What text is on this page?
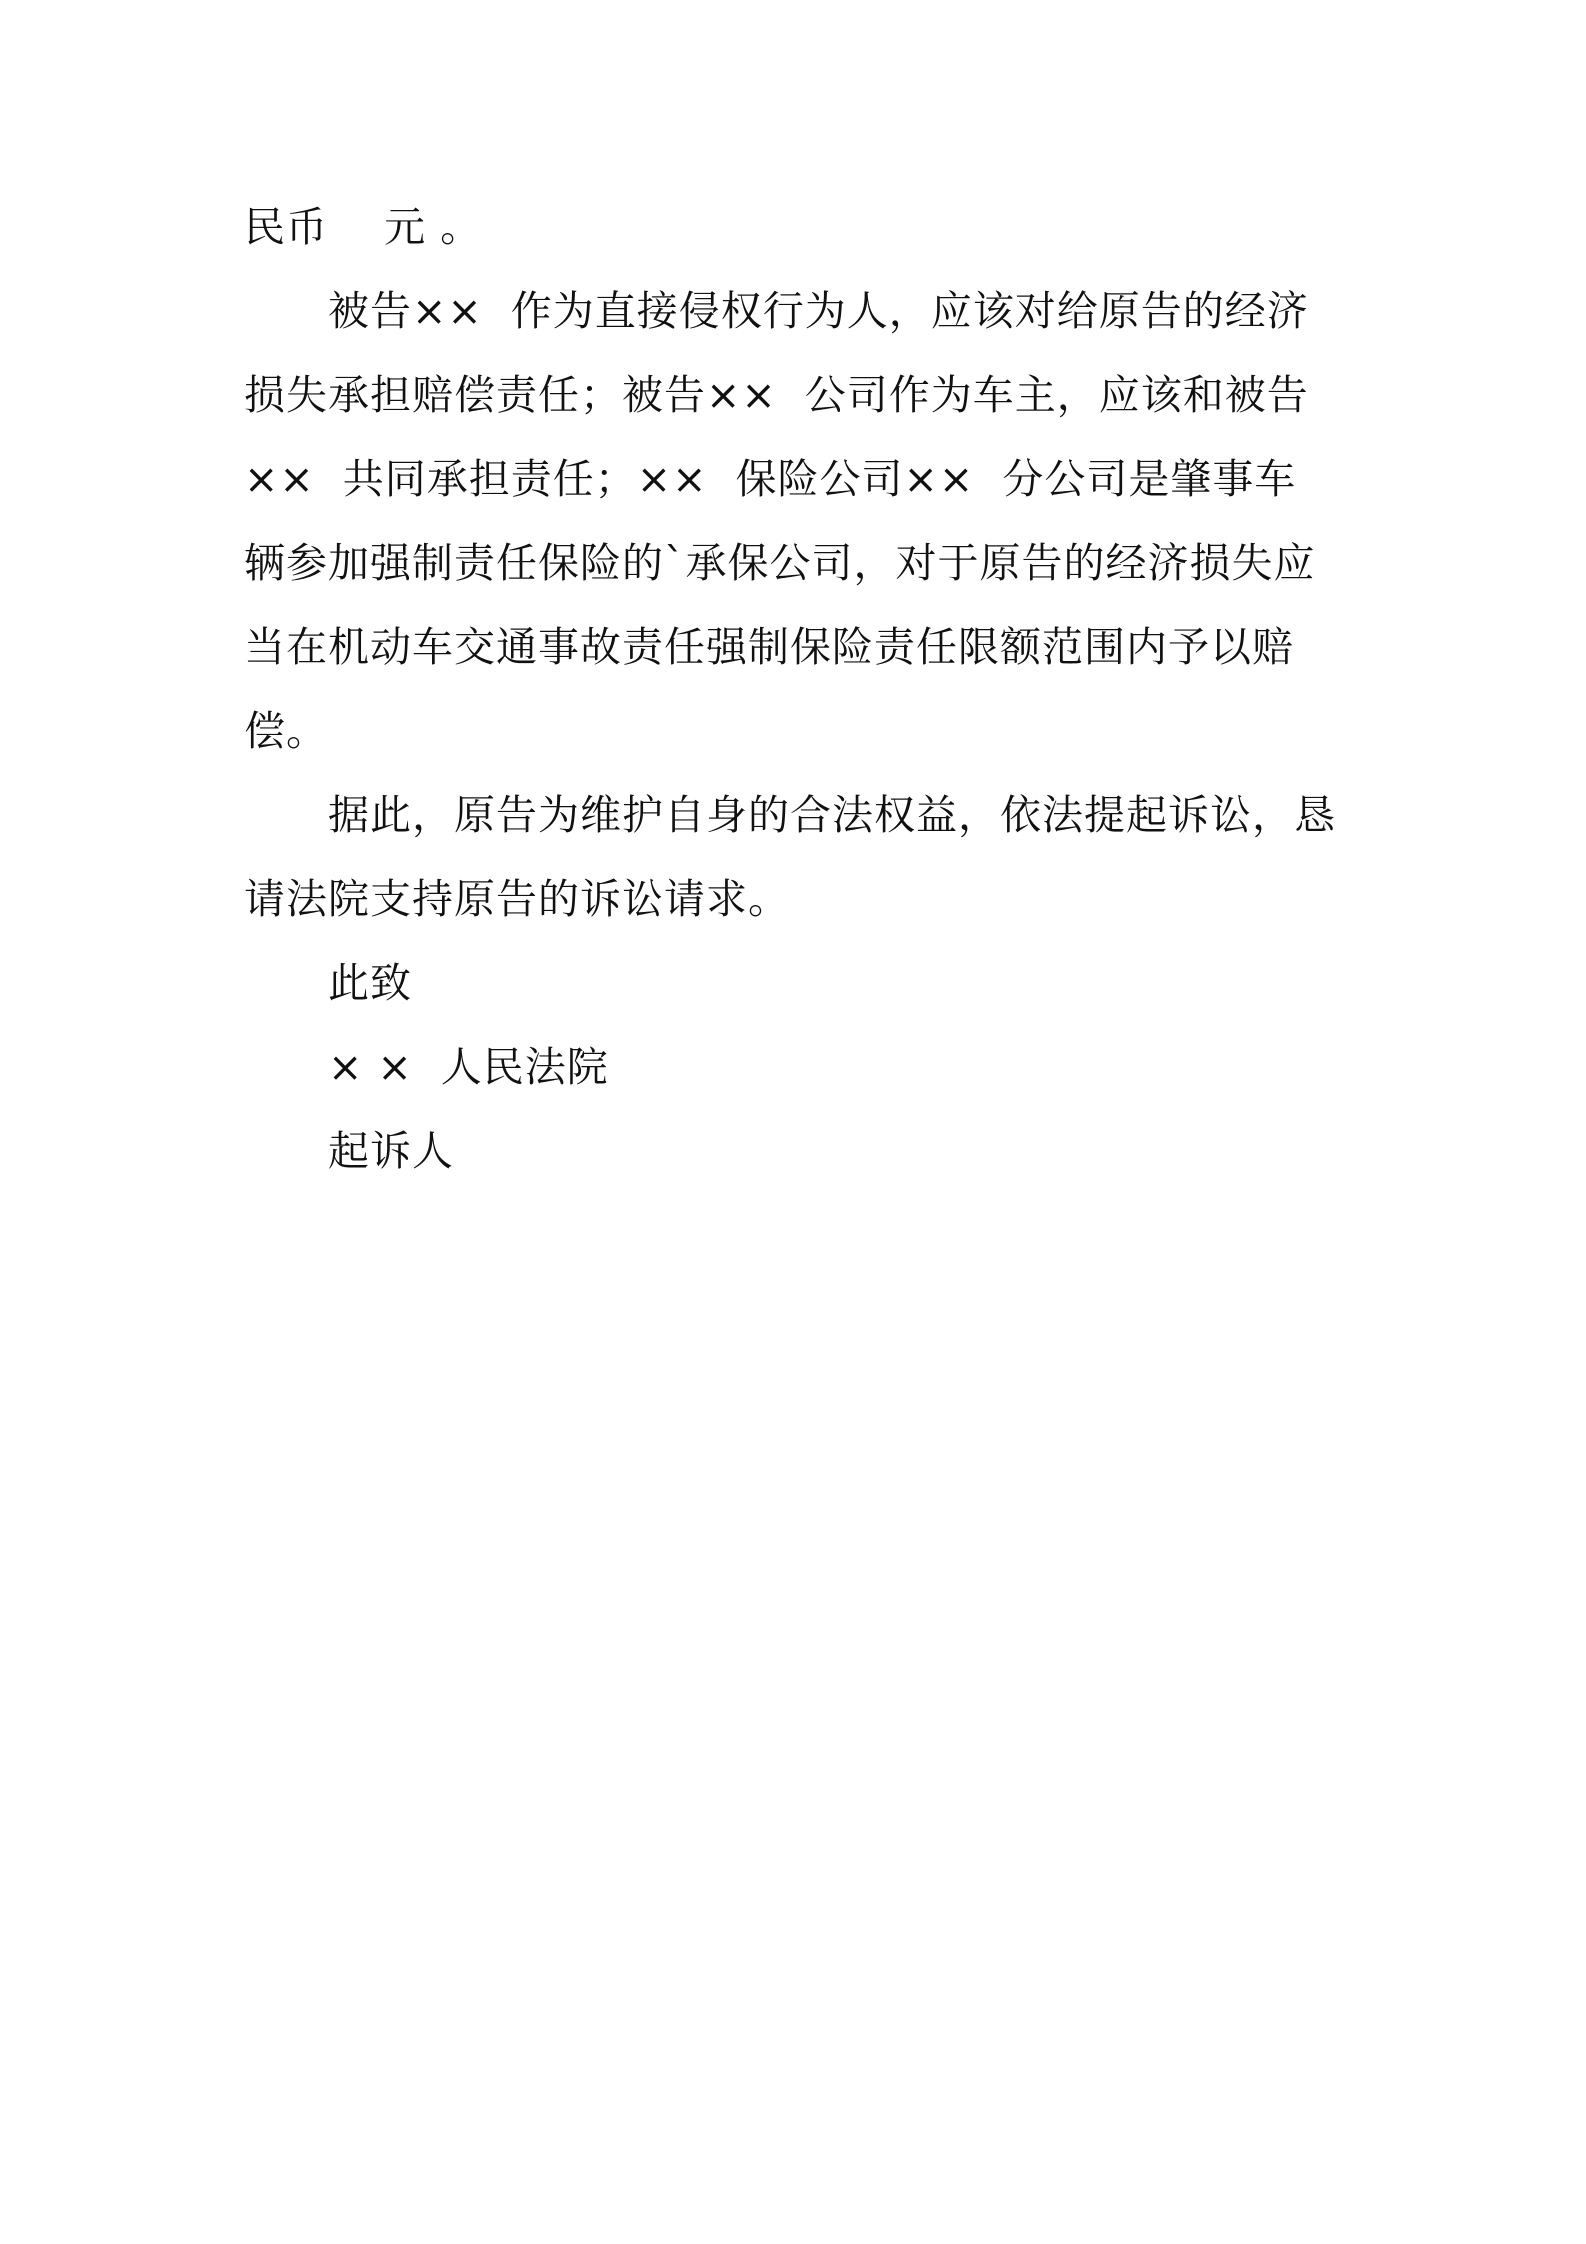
民币    元 。
被告××  作为直接侵权行为人，应该对给原告的经济
损失承担赔偿责任；被告××  公司作为车主，应该和被告
××  共同承担责任；××  保险公司××  分公司是肇事车
辆参加强制责任保险的`承保公司，对于原告的经济损失应
当在机动车交通事故责任强制保险责任限额范围内予以赔
偿。
据此，原告为维护自身的合法权益，依法提起诉讼，恳
请法院支持原告的诉讼请求。
此致
× ×  人民法院
起诉人
